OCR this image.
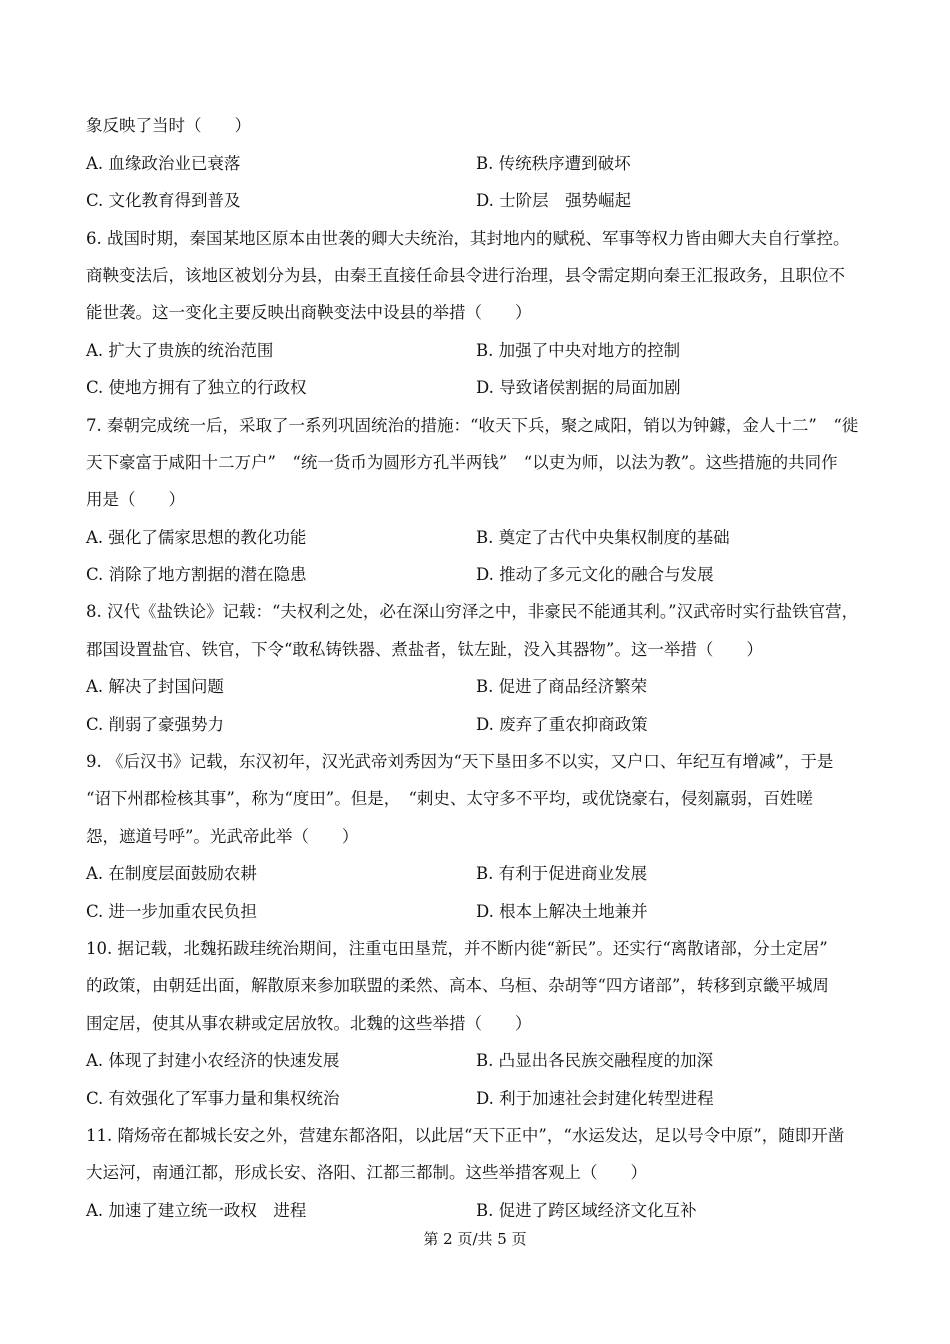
象反映了当时（　　）
A. 血缘政治业已衰落	B. 传统秩序遭到破坏
C. 文化教育得到普及	D. 士阶层　强势崛起
6. 战国时期，秦国某地区原本由世袭的卿大夫统治，其封地内的赋税、军事等权力皆由卿大夫自行掌控。
商鞅变法后，该地区被划分为县，由秦王直接任命县令进行治理，县令需定期向秦王汇报政务，且职位不
能世袭。这一变化主要反映出商鞅变法中设县的举措（　　）
A. 扩大了贵族的统治范围	B. 加强了中央对地方的控制
C. 使地方拥有了独立的行政权	D. 导致诸侯割据的局面加剧
7. 秦朝完成统一后，采取了一系列巩固统治的措施：“收天下兵，聚之咸阳，销以为钟鐻，金人十二”　“徙
天下豪富于咸阳十二万户”　“统一货币为圆形方孔半两钱”　“以吏为师，以法为教”。这些措施的共同作
用是（　　）
A. 强化了儒家思想的教化功能	B. 奠定了古代中央集权制度的基础
C. 消除了地方割据的潜在隐患	D. 推动了多元文化的融合与发展
8. 汉代《盐铁论》记载：“夫权利之处，必在深山穷泽之中，非豪民不能通其利。”汉武帝时实行盐铁官营，
郡国设置盐官、铁官，下令“敢私铸铁器、煮盐者，钛左趾，没入其器物”。这一举措（　　）
A. 解决了封国问题	B. 促进了商品经济繁荣
C. 削弱了豪强势力	D. 废弃了重农抑商政策
9. 《后汉书》记载，东汉初年，汉光武帝刘秀因为“天下垦田多不以实，又户口、年纪互有增减”，于是
“诏下州郡检核其事”，称为“度田”。但是，　“刺史、太守多不平均，或优饶豪右，侵刻羸弱，百姓嗟
怨，遮道号呼”。光武帝此举（　　）
A. 在制度层面鼓励农耕	B. 有利于促进商业发展
C. 进一步加重农民负担	D. 根本上解决土地兼并
10. 据记载，北魏拓跋珪统治期间，注重屯田垦荒，并不断内徙“新民”。还实行“离散诸部，分土定居”
的政策，由朝廷出面，解散原来参加联盟的柔然、高本、乌桓、杂胡等“四方诸部”，转移到京畿平城周
围定居，使其从事农耕或定居放牧。北魏的这些举措（　　）
A. 体现了封建小农经济的快速发展	B. 凸显出各民族交融程度的加深
C. 有效强化了军事力量和集权统治	D. 利于加速社会封建化转型进程
11. 隋炀帝在都城长安之外，营建东都洛阳，以此居“天下正中”，“水运发达，足以号令中原”，随即开凿
大运河，南通江都，形成长安、洛阳、江都三都制。这些举措客观上（　　）
A. 加速了建立统一政权　进程	B. 促进了跨区域经济文化互补
第 2 页/共 5 页
